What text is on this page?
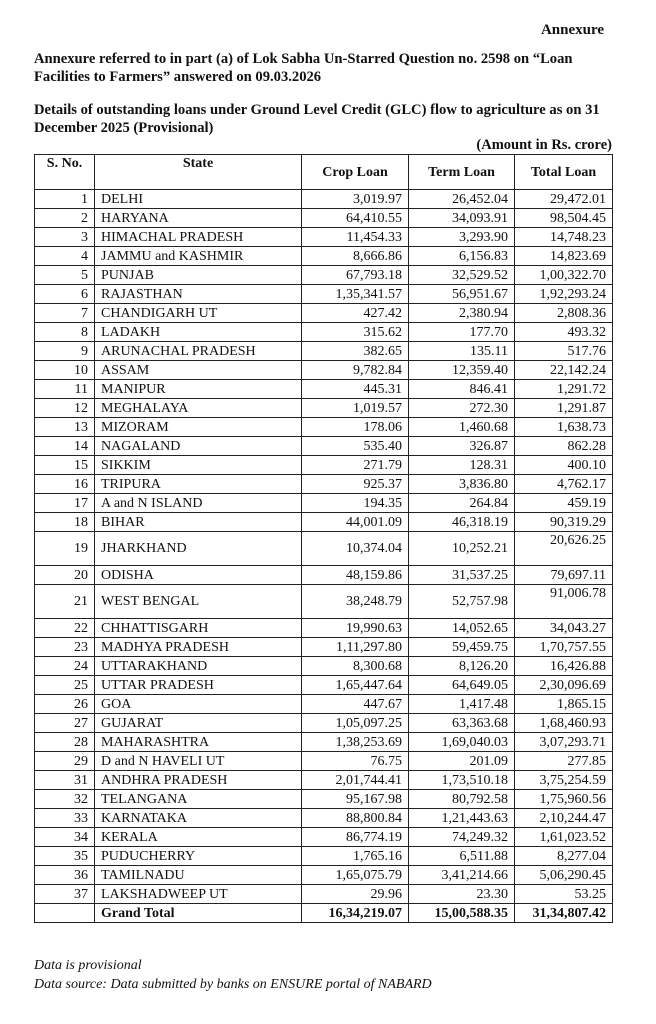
Annexure
Annexure referred to in part (a) of Lok Sabha Un-Starred Question no. 2598 on “Loan Facilities to Farmers” answered on 09.03.2026
Details of outstanding loans under Ground Level Credit (GLC) flow to agriculture as on 31 December 2025 (Provisional)
(Amount in Rs. crore)
S. No.	State	Crop Loan	Term Loan	Total Loan
1	DELHI	3,019.97	26,452.04	29,472.01
2	HARYANA	64,410.55	34,093.91	98,504.45
3	HIMACHAL PRADESH	11,454.33	3,293.90	14,748.23
4	JAMMU and KASHMIR	8,666.86	6,156.83	14,823.69
5	PUNJAB	67,793.18	32,529.52	1,00,322.70
6	RAJASTHAN	1,35,341.57	56,951.67	1,92,293.24
7	CHANDIGARH UT	427.42	2,380.94	2,808.36
8	LADAKH	315.62	177.70	493.32
9	ARUNACHAL PRADESH	382.65	135.11	517.76
10	ASSAM	9,782.84	12,359.40	22,142.24
11	MANIPUR	445.31	846.41	1,291.72
12	MEGHALAYA	1,019.57	272.30	1,291.87
13	MIZORAM	178.06	1,460.68	1,638.73
14	NAGALAND	535.40	326.87	862.28
15	SIKKIM	271.79	128.31	400.10
16	TRIPURA	925.37	3,836.80	4,762.17
17	A and N ISLAND	194.35	264.84	459.19
18	BIHAR	44,001.09	46,318.19	90,319.29
19	JHARKHAND	10,374.04	10,252.21	20,626.25
20	ODISHA	48,159.86	31,537.25	79,697.11
21	WEST BENGAL	38,248.79	52,757.98	91,006.78
22	CHHATTISGARH	19,990.63	14,052.65	34,043.27
23	MADHYA PRADESH	1,11,297.80	59,459.75	1,70,757.55
24	UTTARAKHAND	8,300.68	8,126.20	16,426.88
25	UTTAR PRADESH	1,65,447.64	64,649.05	2,30,096.69
26	GOA	447.67	1,417.48	1,865.15
27	GUJARAT	1,05,097.25	63,363.68	1,68,460.93
28	MAHARASHTRA	1,38,253.69	1,69,040.03	3,07,293.71
29	D and N HAVELI UT	76.75	201.09	277.85
31	ANDHRA PRADESH	2,01,744.41	1,73,510.18	3,75,254.59
32	TELANGANA	95,167.98	80,792.58	1,75,960.56
33	KARNATAKA	88,800.84	1,21,443.63	2,10,244.47
34	KERALA	86,774.19	74,249.32	1,61,023.52
35	PUDUCHERRY	1,765.16	6,511.88	8,277.04
36	TAMILNADU	1,65,075.79	3,41,214.66	5,06,290.45
37	LAKSHADWEEP UT	29.96	23.30	53.25
	Grand Total	16,34,219.07	15,00,588.35	31,34,807.42
Data is provisional
Data source: Data submitted by banks on ENSURE portal of NABARD
